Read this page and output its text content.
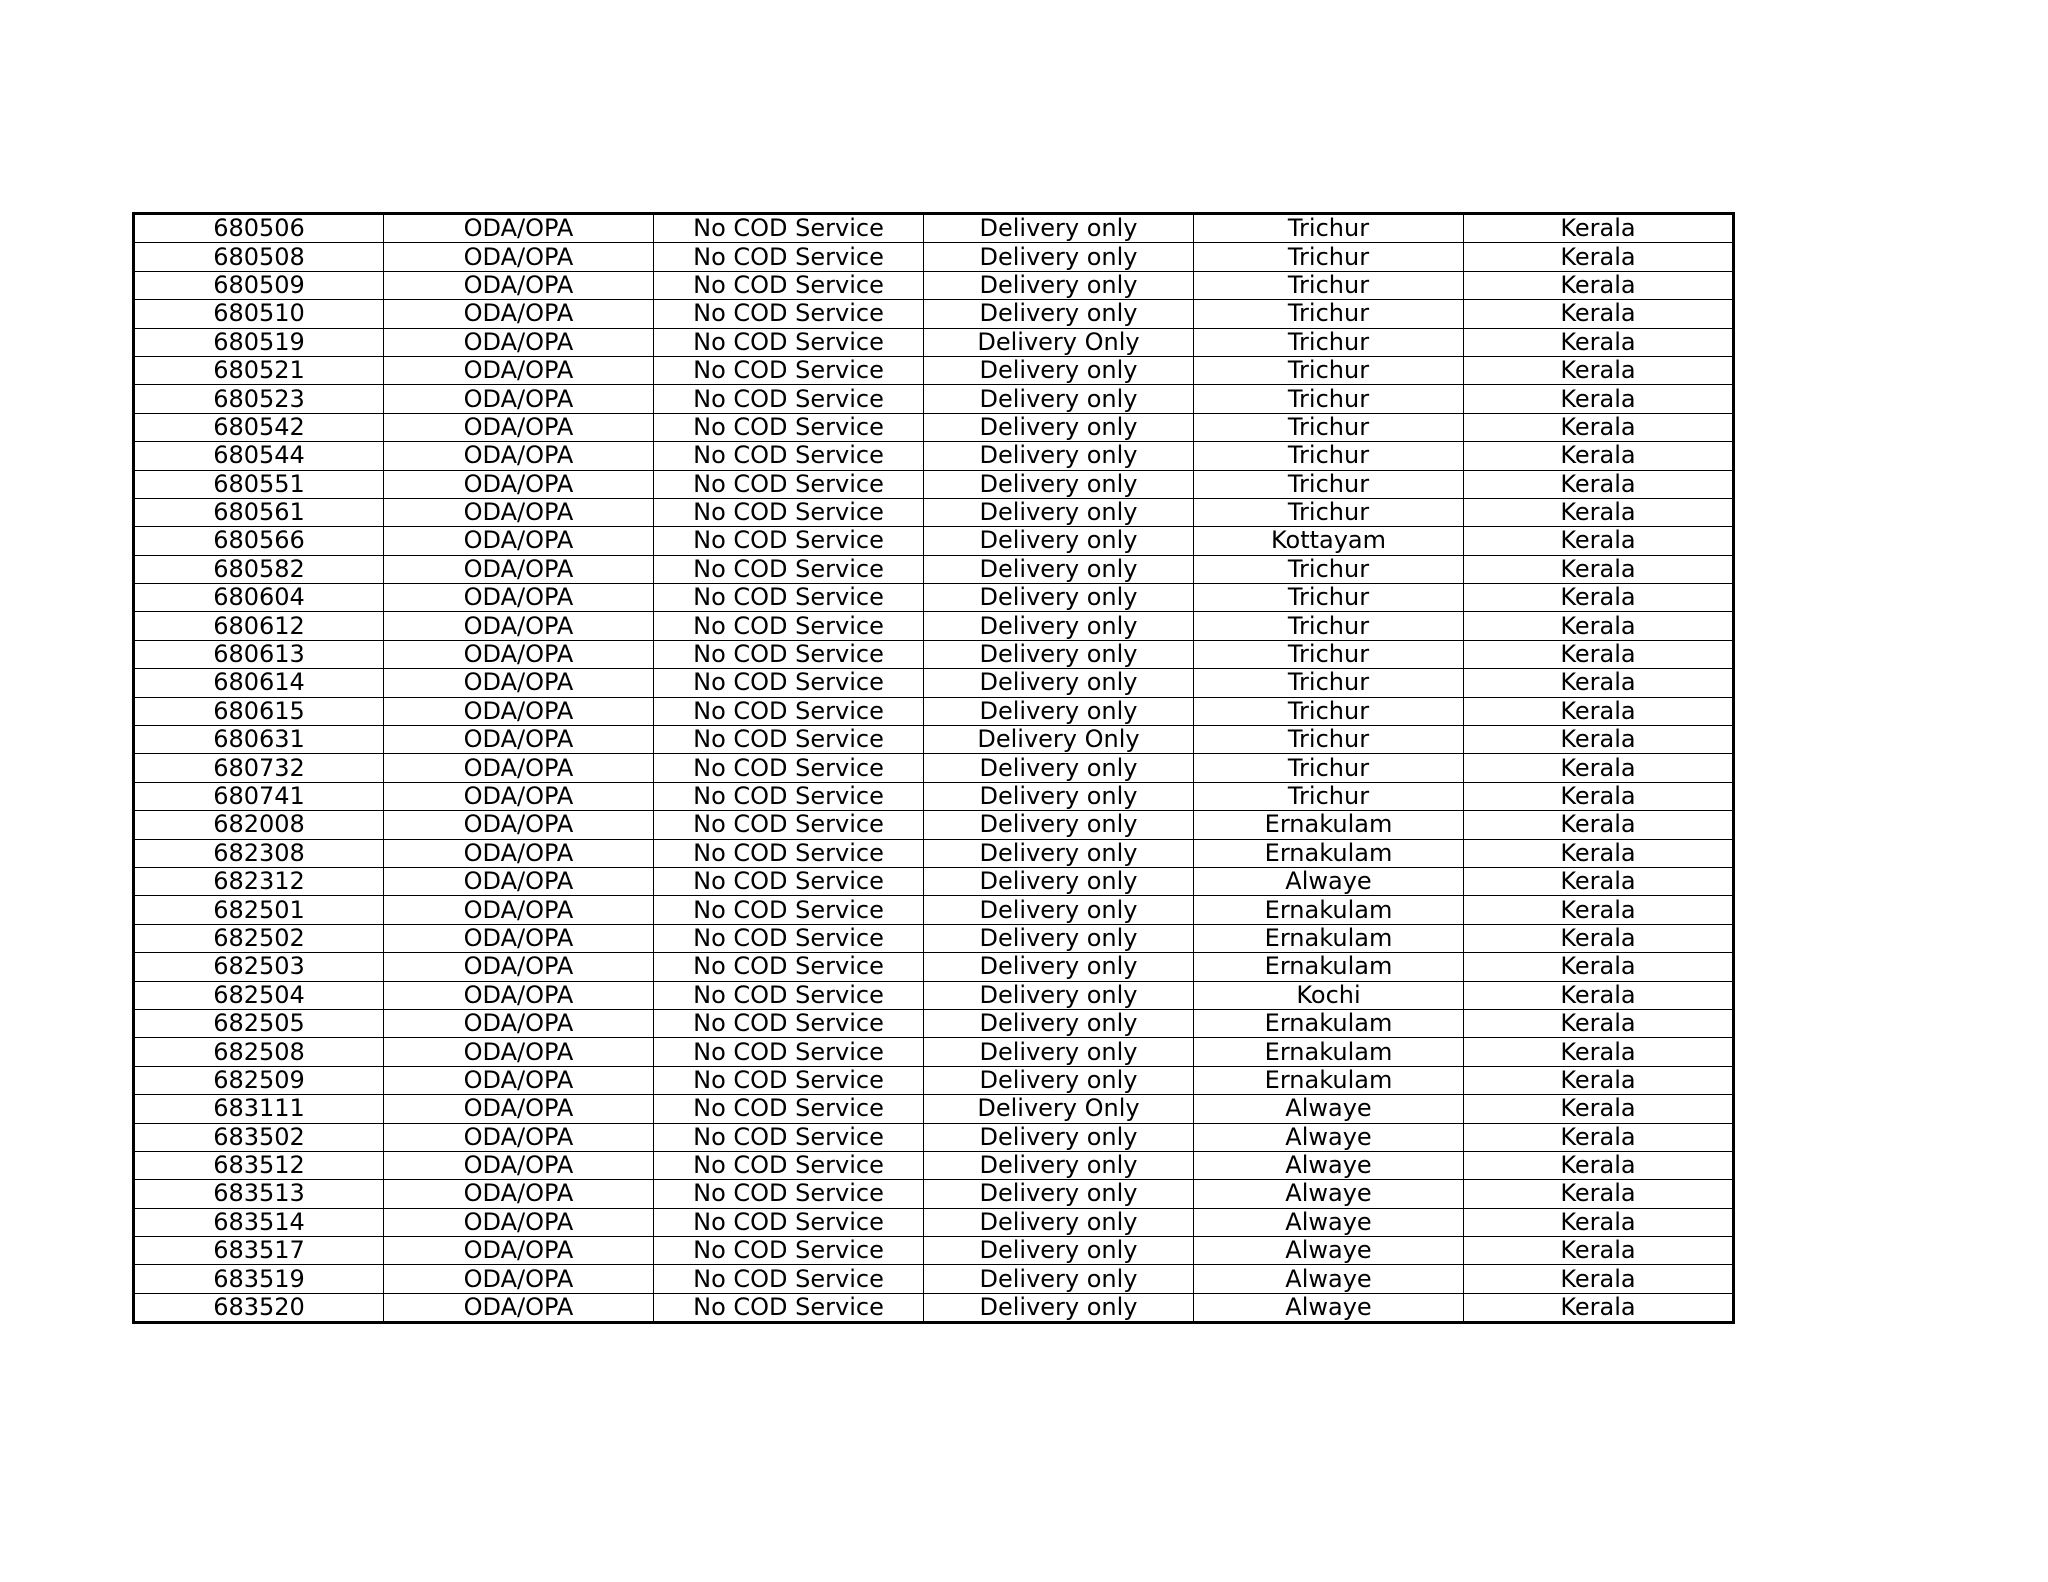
680506	ODA/OPA	No COD Service	Delivery only	Trichur	Kerala
680508	ODA/OPA	No COD Service	Delivery only	Trichur	Kerala
680509	ODA/OPA	No COD Service	Delivery only	Trichur	Kerala
680510	ODA/OPA	No COD Service	Delivery only	Trichur	Kerala
680519	ODA/OPA	No COD Service	Delivery Only	Trichur	Kerala
680521	ODA/OPA	No COD Service	Delivery only	Trichur	Kerala
680523	ODA/OPA	No COD Service	Delivery only	Trichur	Kerala
680542	ODA/OPA	No COD Service	Delivery only	Trichur	Kerala
680544	ODA/OPA	No COD Service	Delivery only	Trichur	Kerala
680551	ODA/OPA	No COD Service	Delivery only	Trichur	Kerala
680561	ODA/OPA	No COD Service	Delivery only	Trichur	Kerala
680566	ODA/OPA	No COD Service	Delivery only	Kottayam	Kerala
680582	ODA/OPA	No COD Service	Delivery only	Trichur	Kerala
680604	ODA/OPA	No COD Service	Delivery only	Trichur	Kerala
680612	ODA/OPA	No COD Service	Delivery only	Trichur	Kerala
680613	ODA/OPA	No COD Service	Delivery only	Trichur	Kerala
680614	ODA/OPA	No COD Service	Delivery only	Trichur	Kerala
680615	ODA/OPA	No COD Service	Delivery only	Trichur	Kerala
680631	ODA/OPA	No COD Service	Delivery Only	Trichur	Kerala
680732	ODA/OPA	No COD Service	Delivery only	Trichur	Kerala
680741	ODA/OPA	No COD Service	Delivery only	Trichur	Kerala
682008	ODA/OPA	No COD Service	Delivery only	Ernakulam	Kerala
682308	ODA/OPA	No COD Service	Delivery only	Ernakulam	Kerala
682312	ODA/OPA	No COD Service	Delivery only	Alwaye	Kerala
682501	ODA/OPA	No COD Service	Delivery only	Ernakulam	Kerala
682502	ODA/OPA	No COD Service	Delivery only	Ernakulam	Kerala
682503	ODA/OPA	No COD Service	Delivery only	Ernakulam	Kerala
682504	ODA/OPA	No COD Service	Delivery only	Kochi	Kerala
682505	ODA/OPA	No COD Service	Delivery only	Ernakulam	Kerala
682508	ODA/OPA	No COD Service	Delivery only	Ernakulam	Kerala
682509	ODA/OPA	No COD Service	Delivery only	Ernakulam	Kerala
683111	ODA/OPA	No COD Service	Delivery Only	Alwaye	Kerala
683502	ODA/OPA	No COD Service	Delivery only	Alwaye	Kerala
683512	ODA/OPA	No COD Service	Delivery only	Alwaye	Kerala
683513	ODA/OPA	No COD Service	Delivery only	Alwaye	Kerala
683514	ODA/OPA	No COD Service	Delivery only	Alwaye	Kerala
683517	ODA/OPA	No COD Service	Delivery only	Alwaye	Kerala
683519	ODA/OPA	No COD Service	Delivery only	Alwaye	Kerala
683520	ODA/OPA	No COD Service	Delivery only	Alwaye	Kerala
